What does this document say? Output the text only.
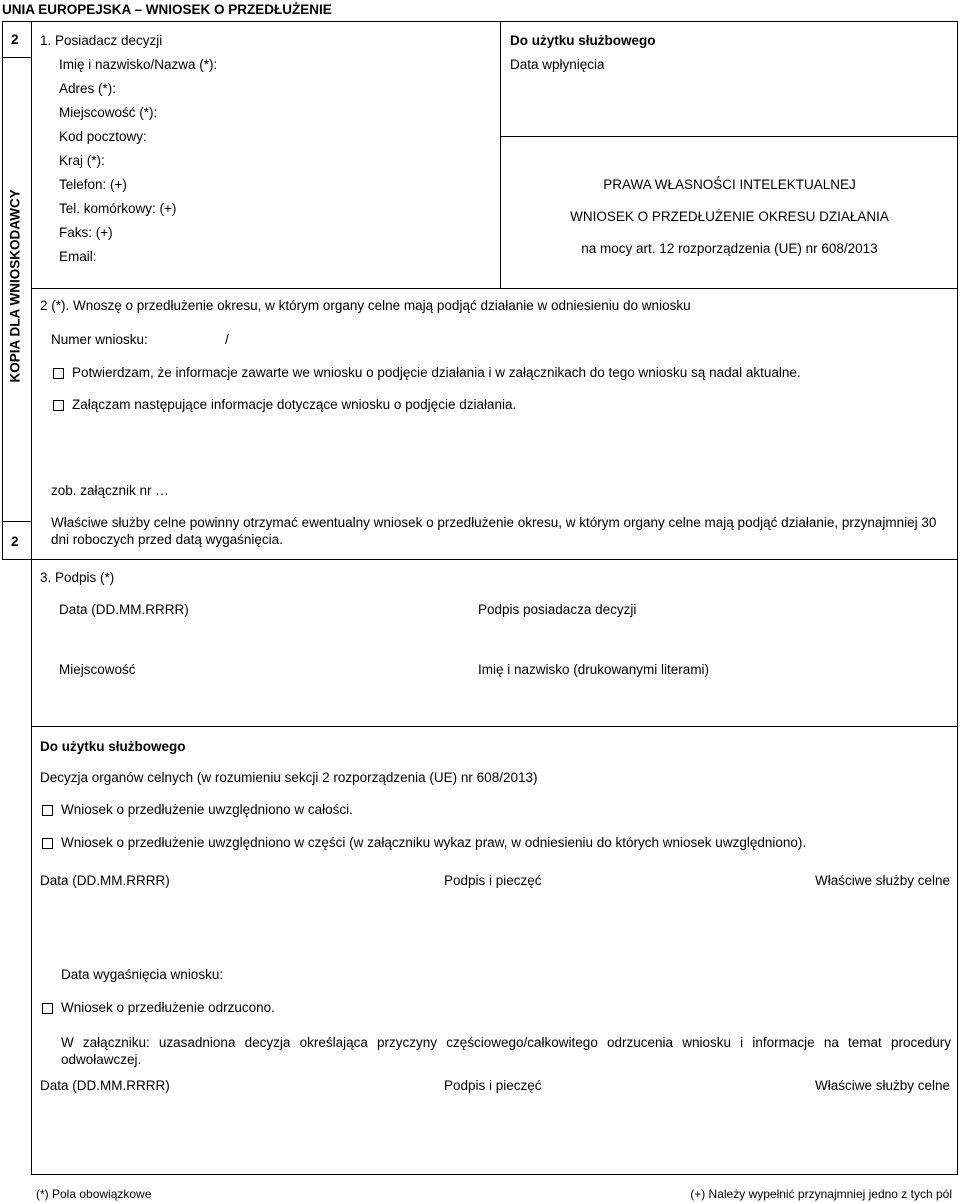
UNIA EUROPEJSKA – WNIOSEK O PRZEDŁUŻENIE
2
2
KOPIA DLA WNIOSKODAWCY
1. Posiadacz decyzji
Imię i nazwisko/Nazwa (*):
Adres (*):
Miejscowość (*):
Kod pocztowy:
Kraj (*):
Telefon: (+)
Tel. komórkowy: (+)
Faks: (+)
Email:
Do użytku służbowego
Data wpłynięcia
PRAWA WŁASNOŚCI INTELEKTUALNEJ
WNIOSEK O PRZEDŁUŻENIE OKRESU DZIAŁANIA
na mocy art. 12 rozporządzenia (UE) nr 608/2013
2 (*). Wnoszę o przedłużenie okresu, w którym organy celne mają podjąć działanie w odniesieniu do wniosku
Numer wniosku:	/
Potwierdzam, że informacje zawarte we wniosku o podjęcie działania i w załącznikach do tego wniosku są nadal aktualne.
Załączam następujące informacje dotyczące wniosku o podjęcie działania.
zob. załącznik nr …
Właściwe służby celne powinny otrzymać ewentualny wniosek o przedłużenie okresu, w którym organy celne mają podjąć działanie, przynajmniej 30 dni roboczych przed datą wygaśnięcia.
3. Podpis (*)
Data (DD.MM.RRRR)	Podpis posiadacza decyzji
Miejscowość	Imię i nazwisko (drukowanymi literami)
Do użytku służbowego
Decyzja organów celnych (w rozumieniu sekcji 2 rozporządzenia (UE) nr 608/2013)
Wniosek o przedłużenie uwzględniono w całości.
Wniosek o przedłużenie uwzględniono w części (w załączniku wykaz praw, w odniesieniu do których wniosek uwzględniono).
Data (DD.MM.RRRR)	Podpis i pieczęć	Właściwe służby celne
Data wygaśnięcia wniosku:
Wniosek o przedłużenie odrzucono.
W załączniku: uzasadniona decyzja określająca przyczyny częściowego/całkowitego odrzucenia wniosku i informacje na temat procedury odwoławczej.
Data (DD.MM.RRRR)	Podpis i pieczęć	Właściwe służby celne
(*) Pola obowiązkowe	(+) Należy wypełnić przynajmniej jedno z tych pól
